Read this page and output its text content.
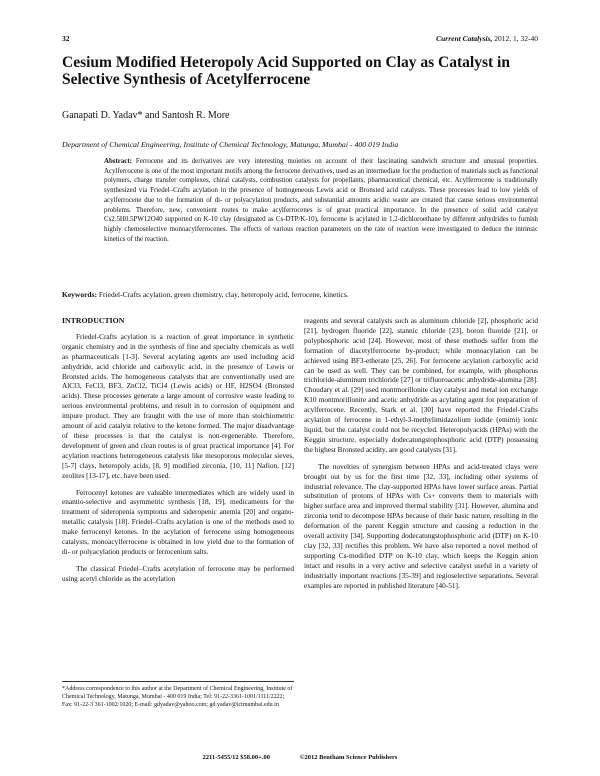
32	Current Catalysis, 2012, 1, 32-40
Cesium Modified Heteropoly Acid Supported on Clay as Catalyst in Selective Synthesis of Acetylferrocene
Ganapati D. Yadav* and Santosh R. More
Department of Chemical Engineering, Institute of Chemical Technology, Matunga, Mumbai - 400 019 India
Abstract: Ferrocene and its derivatives are very interesting moieties on account of their fascinating sandwich structure and unusual properties. Acylferrocene is one of the most important motifs among the ferrocene derivatives, used as an intermediate for the production of materials such as functional polymers, charge transfer complexes, chiral catalysts, combustion catalysts for propellants, pharmaceutical chemical, etc. Acylferrocene is traditionally synthesized via Friedel–Crafts acylation in the presence of homogeneous Lewis acid or Bronsted acid catalysts. These processes lead to low yields of acylferrocene due to the formation of di- or polyacylation products, and substantial amounts acidic waste are created that cause serious environmental problems. Therefore, new, convenient routes to make acylferrocenes is of great practical importance. In the presence of solid acid catalyst Cs2.5H0.5PW12O40 supported on K-10 clay (designated as Cs-DTP/K-10), ferrocene is acylated in 1,2-dichloroethane by different anhydrides to furnish highly chemoselective monoacylferrocenes. The effects of various reaction parameters on the rate of reaction were investigated to deduce the intrinsic kinetics of the reaction.
Keywords: Friedel-Crafts acylation, green chemistry, clay, heteropoly acid, ferrocene, kinetics.
INTRODUCTION

Friedel-Crafts acylation is a reaction of great importance in synthetic organic chemistry and in the synthesis of fine and specialty chemicals as well as pharmaceuticals [1-3]. Several acylating agents are used including acid anhydride, acid chloride and carboxylic acid, in the presence of Lewis or Bronsted acids. The homogeneous catalysts that are conventionally used are AlCl3, FeCl3, BF3, ZnCl2, TiCl4 (Lewis acids) or HF, H2SO4 (Bronsted acids). These processes generate a large amount of corrosive waste leading to serious environmental problems, and result in to corrosion of equipment and impure product. They are fraught with the use of more than stoichiometric amount of acid catalyst relative to the ketone formed. The major disadvantage of these processes is that the catalyst is non-regenerable. Therefore, development of green and clean routes is of great practical importance [4]. For acylation reactions heterogeneous catalysts like mesoporous molecular sieves, [5-7] clays, heteropoly acids, [8, 9] modified zirconia, [10, 11] Nafion, [12] zeolites [13-17], etc. have been used.

Ferrocenyl ketones are valuable intermediates which are widely used in enantio-selective and asymmetric synthesis [18, 19], medicaments for the treatment of sideropenia symptoms and sideropenic anemia [20] and organo-metallic catalysis [18]. Friedel–Crafts acylation is one of the methods used to make ferrocenyl ketones. In the acylation of ferrocene using homogeneous catalysts, monoacylferrocene is obtained in low yield due to the formation of di- or polyacylation products or ferrocenium salts.

The classical Friedel–Crafts acetylation of ferrocene may be performed using acetyl chloride as the acetylation

*Address correspondence to this author at the Department of Chemical Engineering, Institute of Chemical Technology, Matunga, Mumbai - 400 019 India; Tel: 91-22-3361-1001/1111/2222; Fax: 91-22-3 361-1002/1020; E-mail: gdyadav@yahoo.com; gd.yadav@ictmumbai.edu.in

reagents and several catalysts such as aluminum chloride [2], phosphoric acid [21], hydrogen fluoride [22], stannic chloride [23], boron fluoride [21], or polyphosphoric acid [24]. However, most of these methods suffer from the formation of diacetylferrocene by-product; while monoacylation can be achieved using BF3-etherate [25, 26]. For ferrocene acylation carboxylic acid can be used as well. They can be combined, for example, with phosphorus trichloride-aluminum trichloride [27] or trifluoroacetic anhydride-alumina [28]. Choudary et al. [29] used montmorillonite clay catalyst and metal ion exchange K10 montmorillonite and acetic anhydride as acylating agent for preparation of acylferrocene. Recently, Stark et al. [30] have reported the Friedel-Crafts acylation of ferrocene in 1-ethyl-3-methylimidazolium iodide (emimi) ionic liquid, but the catalyst could not be recycled. Heteropolyacids (HPAs) with the Keggin structure, especially dodecatungstophosphoric acid (DTP) possessing the highest Bronsted acidity, are good catalysts [31].

The novelties of synergism between HPAs and acid-treated clays were brought out by us for the first time [32, 33], including other systems of industrial relevance. The clay-supported HPAs have lower surface areas. Partial substitution of protons of HPAs with Cs+ converts them to materials with higher surface area and improved thermal stability [31]. However, alumina and zirconia tend to decompose HPAs because of their basic nature, resulting in the deformation of the parent Keggin structure and causing a reduction in the overall activity [34]. Supporting dodecatungstophosphoric acid (DTP) on K-10 clay [32, 33] rectifies this problem. We have also reported a novel method of supporting Cs-modified DTP on K-10 clay, which keeps the Keggin anion intact and results in a very active and selective catalyst useful in a variety of industrially important reactions [35-39] and regioselective separations. Several examples are reported in published literature [40-51].

2211-5455/12 $58.00+.00	©2012 Bentham Science Publishers
